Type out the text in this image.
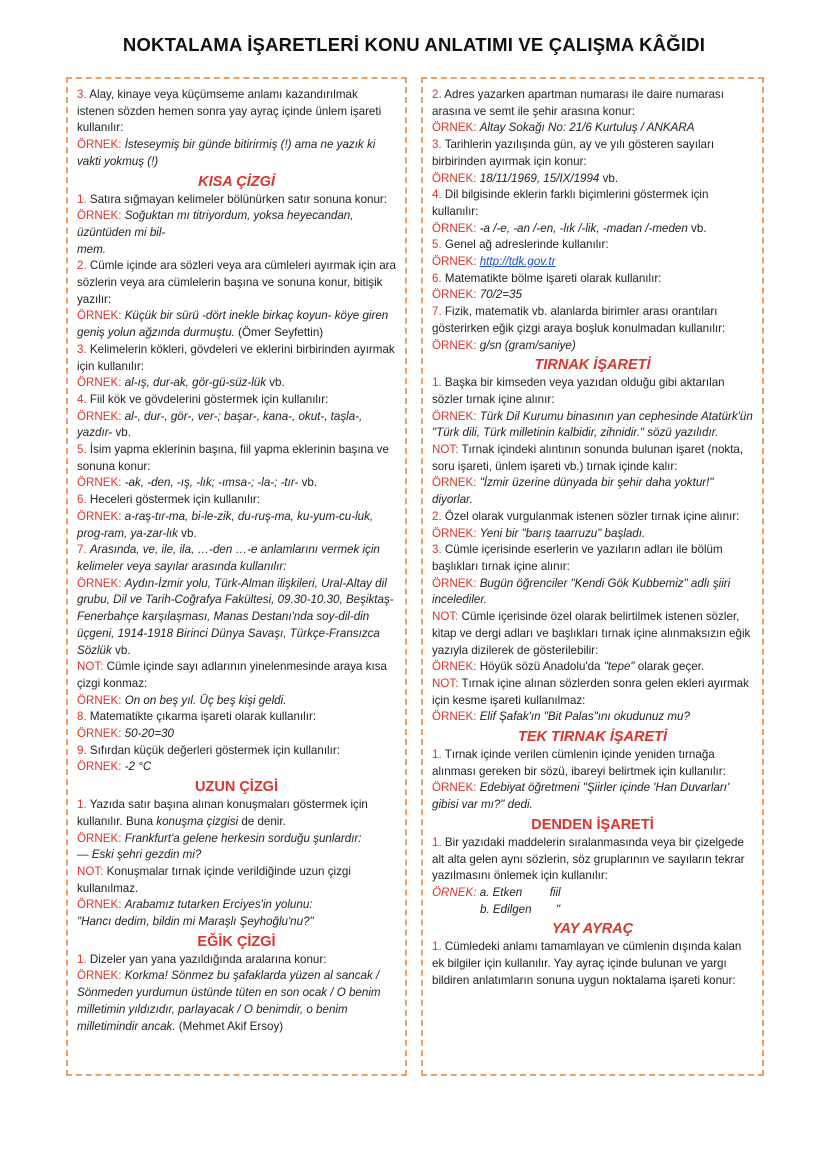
NOKTALAMA İŞARETLERİ KONU ANLATIMI VE ÇALIŞMA KÂĞIDI

3. Alay, kinaye veya küçümseme anlamı kazandırılmak istenen sözden hemen sonra yay ayraç içinde ünlem işareti kullanılır:

ÖRNEK: İsteseymiş bir günde bitirirmiş (!) ama ne yazık ki vakti yokmuş (!)

KISA ÇİZGİ

1. Satıra sığmayan kelimeler bölünürken satır sonuna konur:

ÖRNEK: Soğuktan mı titriyordum, yoksa heyecandan, üzüntüden mi bil-
mem.

2. Cümle içinde ara sözleri veya ara cümleleri ayırmak için ara sözlerin veya ara cümlelerin başına ve sonuna konur, bitişik yazılır:

ÖRNEK: Küçük bir sürü -dört inekle birkaç koyun- köye giren geniş yolun ağzında durmuştu. (Ömer Seyfettin)

3. Kelimelerin kökleri, gövdeleri ve eklerini birbirinden ayırmak için kullanılır:

ÖRNEK: al-ış, dur-ak, gör-gü-süz-lük vb.

4. Fiil kök ve gövdelerini göstermek için kullanılır:

ÖRNEK: al-, dur-, gör-, ver-; başar-, kana-, okut-, taşla-, yazdır- vb.

5. İsim yapma eklerinin başına, fiil yapma eklerinin başına ve sonuna konur:

ÖRNEK: -ak, -den, -ış, -lık; -ımsa-; -la-; -tır- vb.

6. Heceleri göstermek için kullanılır:

ÖRNEK: a-raş-tır-ma, bi-le-zik, du-ruş-ma, ku-yum-cu-luk, prog-ram, ya-zar-lık vb.

7. Arasında, ve, ile, ila, …-den …-e anlamlarını vermek için kelimeler veya sayılar arasında kullanılır:

ÖRNEK: Aydın-İzmir yolu, Türk-Alman ilişkileri, Ural-Altay dil grubu, Dil ve Tarih-Coğrafya Fakültesi, 09.30-10.30, Beşiktaş-Fenerbahçe karşılaşması, Manas Destanı'nda soy-dil-din üçgeni, 1914-1918 Birinci Dünya Savaşı, Türkçe-Fransızca Sözlük vb.

NOT: Cümle içinde sayı adlarının yinelenmesinde araya kısa çizgi konmaz:

ÖRNEK: On on beş yıl. Üç beş kişi geldi.

8. Matematikte çıkarma işareti olarak kullanılır:

ÖRNEK: 50-20=30

9. Sıfırdan küçük değerleri göstermek için kullanılır:

ÖRNEK: -2 °C

UZUN ÇİZGİ

1. Yazıda satır başına alınan konuşmaları göstermek için kullanılır. Buna konuşma çizgisi de denir.

ÖRNEK: Frankfurt'a gelene herkesin sorduğu şunlardır:
— Eski şehri gezdin mi?

NOT: Konuşmalar tırnak içinde verildiğinde uzun çizgi kullanılmaz.

ÖRNEK: Arabamız tutarken Erciyes'in yolunu:
"Hancı dedim, bildin mi Maraşlı Şeyhoğlu'nu?"

EĞİK ÇİZGİ

1. Dizeler yan yana yazıldığında aralarına konur:

ÖRNEK: Korkma! Sönmez bu şafaklarda yüzen al sancak / Sönmeden yurdumun üstünde tüten en son ocak / O benim milletimin yıldızıdır, parlayacak / O benimdir, o benim milletimindir ancak. (Mehmet Akif Ersoy)

2. Adres yazarken apartman numarası ile daire numarası arasına ve semt ile şehir arasına konur:

ÖRNEK: Altay Sokağı No: 21/6 Kurtuluş / ANKARA

3. Tarihlerin yazılışında gün, ay ve yılı gösteren sayıları birbirinden ayırmak için konur:

ÖRNEK: 18/11/1969, 15/IX/1994 vb.

4. Dil bilgisinde eklerin farklı biçimlerini göstermek için kullanılır:

ÖRNEK: -a /-e, -an /-en, -lık /-lik, -madan /-meden vb.

5. Genel ağ adreslerinde kullanılır:

ÖRNEK: http://tdk.gov.tr

6. Matematikte bölme işareti olarak kullanılır:

ÖRNEK: 70/2=35

7. Fizik, matematik vb. alanlarda birimler arası orantıları gösterirken eğik çizgi araya boşluk konulmadan kullanılır:

ÖRNEK: g/sn (gram/saniye)

TIRNAK İŞARETİ

1. Başka bir kimseden veya yazıdan olduğu gibi aktarılan sözler tırnak içine alınır:

ÖRNEK: Türk Dil Kurumu binasının yan cephesinde Atatürk'ün "Türk dili, Türk milletinin kalbidir, zihnidir." sözü yazılıdır.

NOT: Tırnak içindeki alıntının sonunda bulunan işaret (nokta, soru işareti, ünlem işareti vb.) tırnak içinde kalır:

ÖRNEK: "İzmir üzerine dünyada bir şehir daha yoktur!" diyorlar.

2. Özel olarak vurgulanmak istenen sözler tırnak içine alınır:

ÖRNEK: Yeni bir "barış taarruzu" başladı.

3. Cümle içerisinde eserlerin ve yazıların adları ile bölüm başlıkları tırnak içine alınır:

ÖRNEK: Bugün öğrenciler "Kendi Gök Kubbemiz" adlı şiiri incelediler.

NOT: Cümle içerisinde özel olarak belirtilmek istenen sözler, kitap ve dergi adları ve başlıkları tırnak içine alınmaksızın eğik yazıyla dizilerek de gösterilebilir:

ÖRNEK: Höyük sözü Anadolu'da "tepe" olarak geçer.

NOT: Tırnak içine alınan sözlerden sonra gelen ekleri ayırmak için kesme işareti kullanılmaz:

ÖRNEK: Elif Şafak'ın "Bit Palas"ını okudunuz mu?

TEK TIRNAK İŞARETİ

1. Tırnak içinde verilen cümlenin içinde yeniden tırnağa alınması gereken bir sözü, ibareyi belirtmek için kullanılır:

ÖRNEK: Edebiyat öğretmeni "Şiirler içinde 'Han Duvarları' gibisi var mı?" dedi.

DENDEN İŞARETİ

1. Bir yazıdaki maddelerin sıralanmasında veya bir çizelgede alt alta gelen aynı sözlerin, söz gruplarının ve sayıların tekrar yazılmasını önlemek için kullanılır:

ÖRNEK: a. Etken fiil

b. Edilgen "

YAY AYRAÇ

1. Cümledeki anlamı tamamlayan ve cümlenin dışında kalan ek bilgiler için kullanılır. Yay ayraç içinde bulunan ve yargı bildiren anlatımların sonuna uygun noktalama işareti konur:
